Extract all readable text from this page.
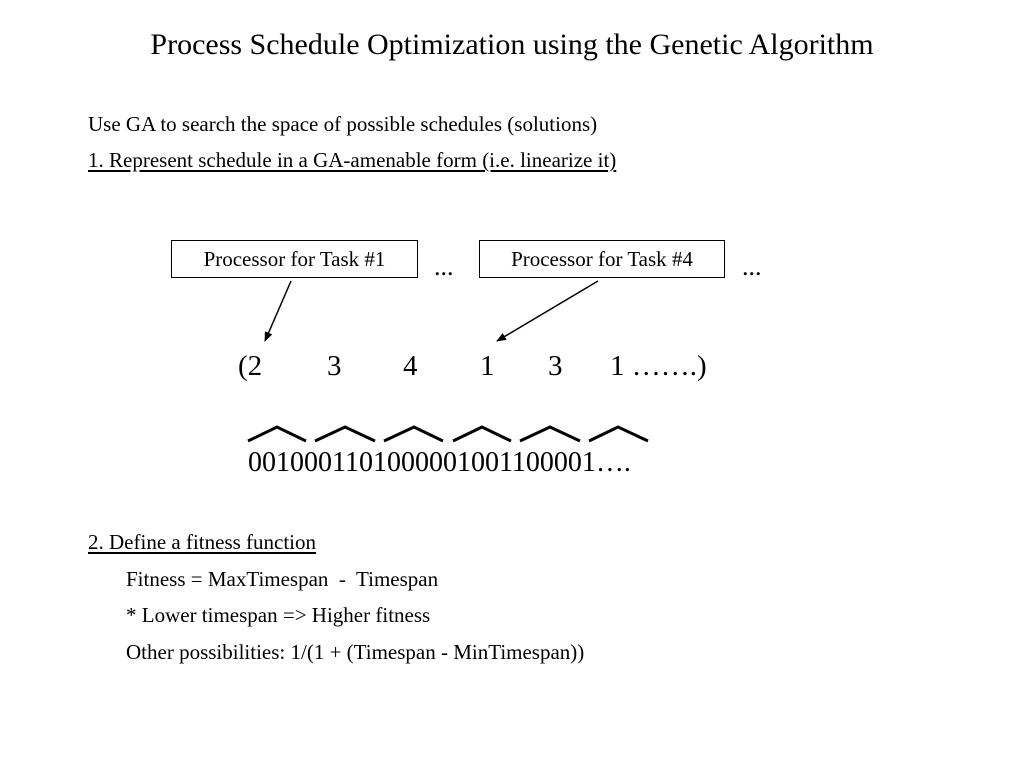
Process Schedule Optimization using the Genetic Algorithm
Use GA to search the space of possible schedules (solutions)
1. Represent schedule in a GA-amenable form (i.e. linearize it)
Processor for Task #1	...	Processor for Task #4	...
(2 3 4 1 3 1 …….)
0010001101000001001100001….
2. Define a fitness function
Fitness = MaxTimespan  -  Timespan
* Lower timespan => Higher fitness
Other possibilities: 1/(1 + (Timespan - MinTimespan))
